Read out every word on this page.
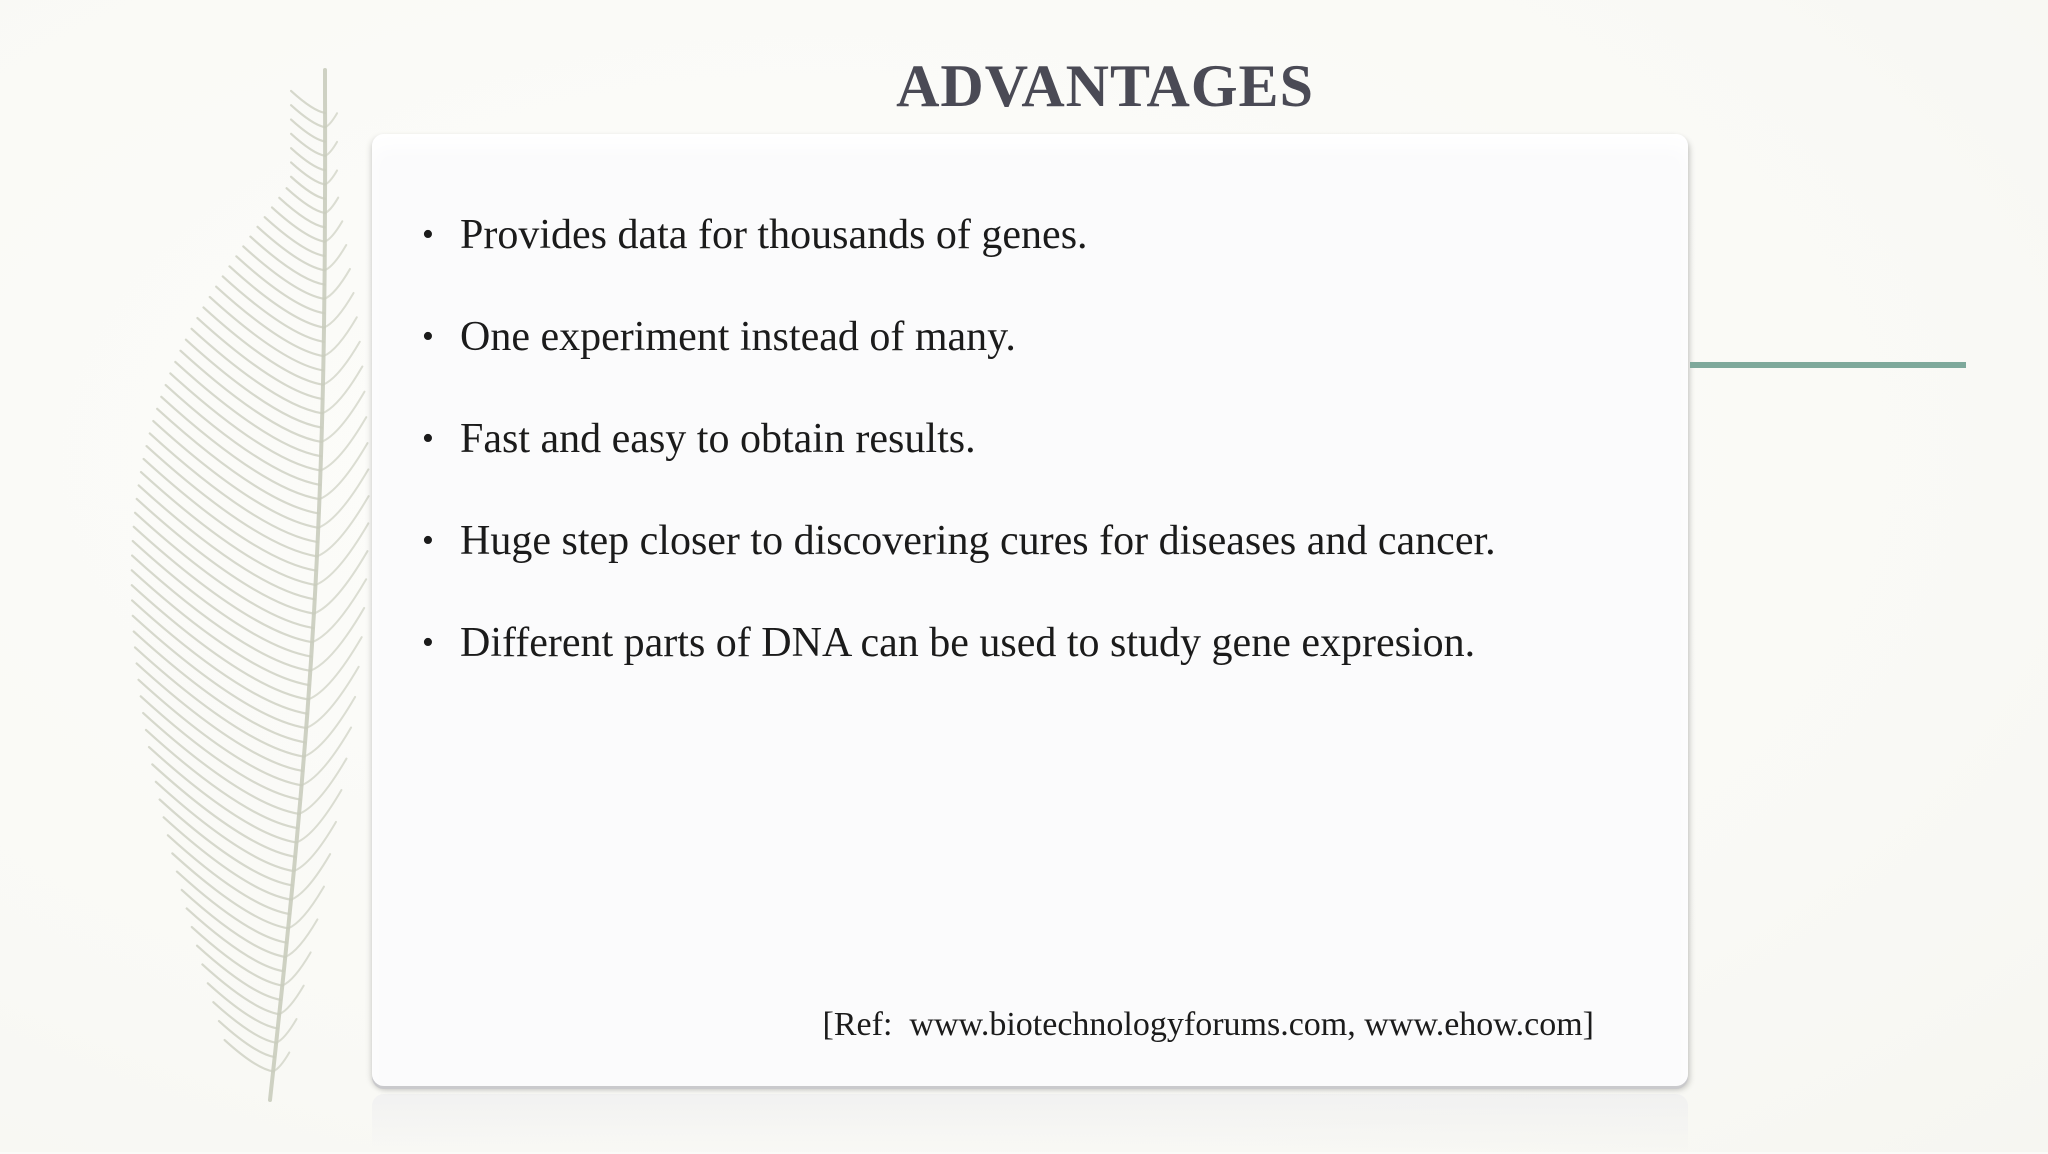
ADVANTAGES
• Provides data for thousands of genes.
• One experiment instead of many.
• Fast and easy to obtain results.
• Huge step closer to discovering cures for diseases and cancer.
• Different parts of DNA can be used to study gene expresion.
[Ref:  www.biotechnologyforums.com, www.ehow.com]
